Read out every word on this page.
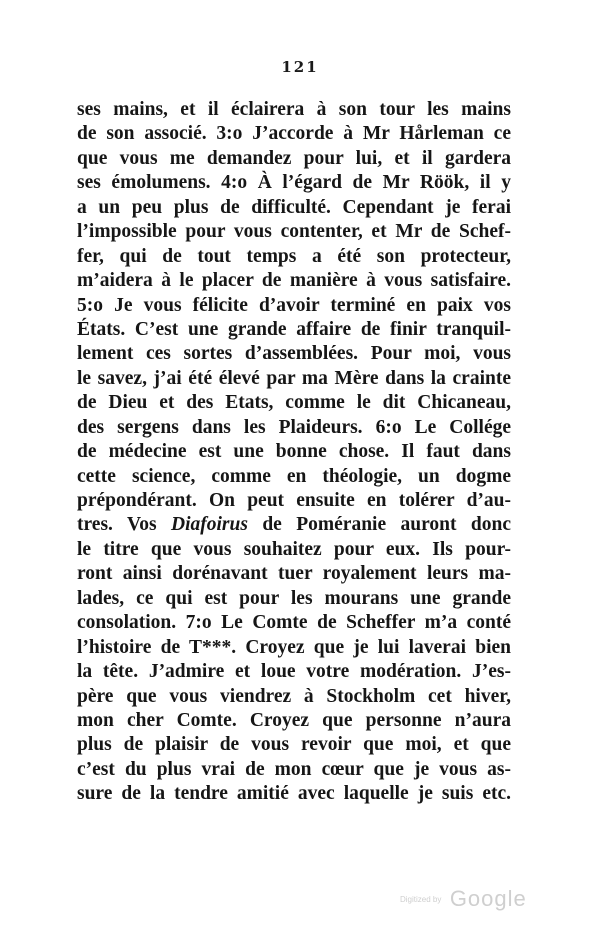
121
ses mains, et il éclairera à son tour les mains
de son associé. 3:o J’accorde à Mr Hårleman ce
que vous me demandez pour lui, et il gardera
ses émolumens. 4:o À l’égard de Mr Röök, il y
a un peu plus de difficulté. Cependant je ferai
l’impossible pour vous contenter, et Mr de Schef-
fer, qui de tout temps a été son protecteur,
m’aidera à le placer de manière à vous satisfaire.
5:o Je vous félicite d’avoir terminé en paix vos
États. C’est une grande affaire de finir tranquil-
lement ces sortes d’assemblées. Pour moi, vous
le savez, j’ai été élevé par ma Mère dans la crainte
de Dieu et des Etats, comme le dit Chicaneau,
des sergens dans les Plaideurs. 6:o Le Collége
de médecine est une bonne chose. Il faut dans
cette science, comme en théologie, un dogme
prépondérant. On peut ensuite en tolérer d’au-
tres. Vos Diafoirus de Poméranie auront donc
le titre que vous souhaitez pour eux. Ils pour-
ront ainsi dorénavant tuer royalement leurs ma-
lades, ce qui est pour les mourans une grande
consolation. 7:o Le Comte de Scheffer m’a conté
l’histoire de T***. Croyez que je lui laverai bien
la tête. J’admire et loue votre modération. J’es-
père que vous viendrez à Stockholm cet hiver,
mon cher Comte. Croyez que personne n’aura
plus de plaisir de vous revoir que moi, et que
c’est du plus vrai de mon cœur que je vous as-
sure de la tendre amitié avec laquelle je suis etc.
Digitized by Google
